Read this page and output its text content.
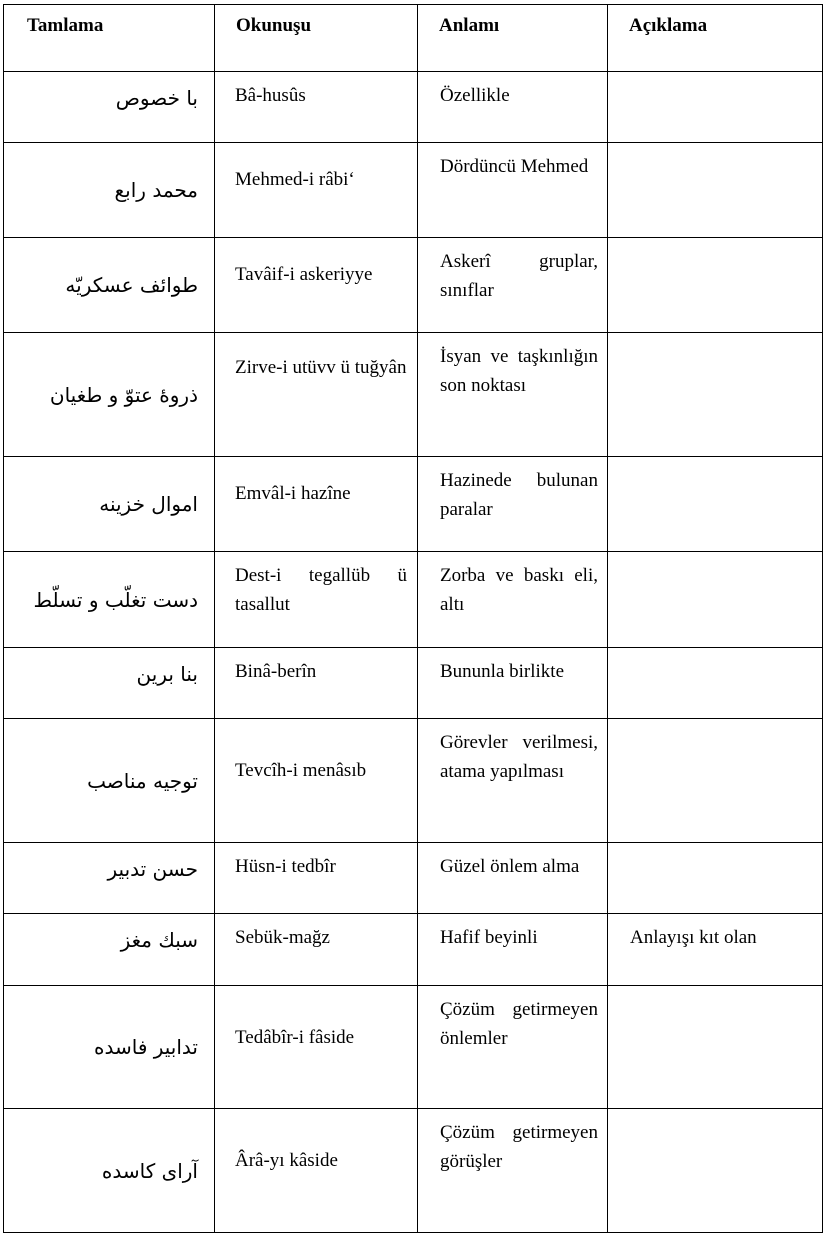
Tamlama	Okunuşu	Anlamı	Açıklama
با خصوص	Bâ-husûs	Özellikle	
محمد رابع	Mehmed-i râbi‘	Dördüncü Mehmed	
طوائف عسكريّه	Tavâif-i askeriyye	Askerî gruplar, sınıflar	
ذروهٔ عتوّ و طغيان	Zirve-i utüvv ü tuğyân	İsyan ve taşkınlığın son noktası	
اموال خزينه	Emvâl-i hazîne	Hazinede bulunan paralar	
دست تغلّب و تسلّط	Dest-i tegallüb ü tasallut	Zorba ve baskı eli, altı	
بنا برين	Binâ-berîn	Bununla birlikte	
توجيه مناصب	Tevcîh-i menâsıb	Görevler verilmesi, atama yapılması	
حسن تدبير	Hüsn-i tedbîr	Güzel önlem alma	
سبك مغز	Sebük-mağz	Hafif beyinli	Anlayışı kıt olan
تدابير فاسده	Tedâbîr-i fâside	Çözüm getirmeyen önlemler	
آراى كاسده	Ârâ-yı kâside	Çözüm getirmeyen görüşler	
